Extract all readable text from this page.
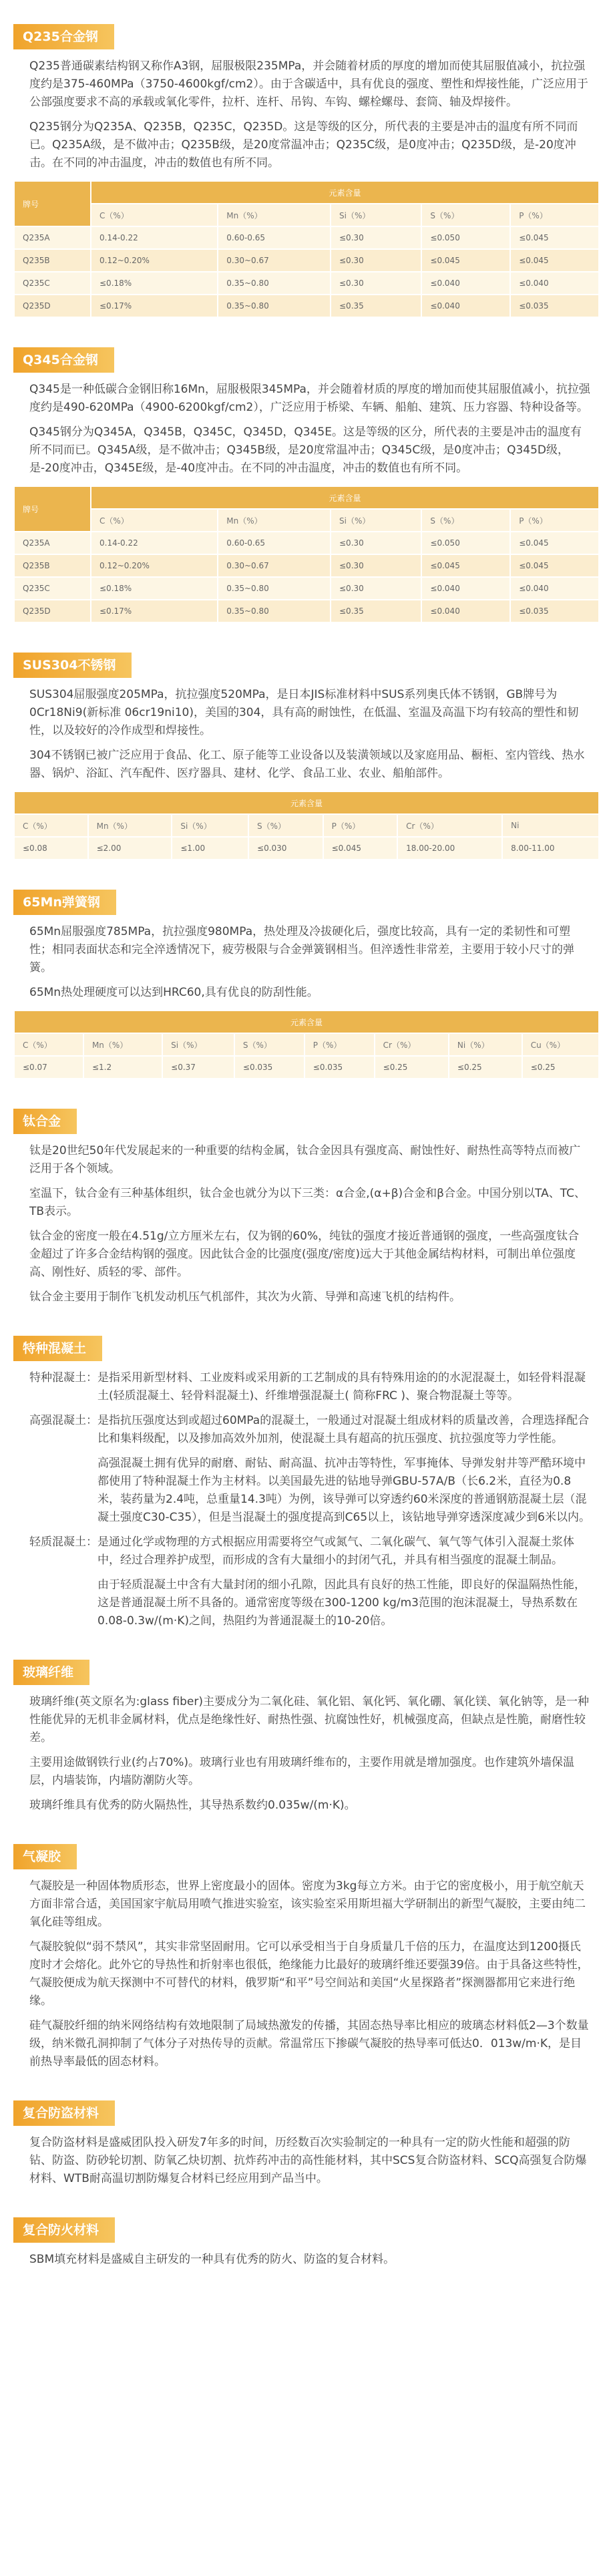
Q235合金钢

Q235普通碳素结构钢又称作A3钢，屈服极限235MPa，并会随着材质的厚度的增加而使其屈服值减小，抗拉强度约是375-460MPa（3750-4600kgf/cm2）。由于含碳适中，具有优良的强度、塑性和焊接性能，广泛应用于公部强度要求不高的承载或氧化零件，拉杆、连杆、吊钩、车钩、螺栓螺母、套筒、轴及焊接件。

Q235钢分为Q235A、Q235B，Q235C，Q235D。这是等级的区分，所代表的主要是冲击的温度有所不同而已。Q235A级，是不做冲击；Q235B级，是20度常温冲击；Q235C级，是0度冲击；Q235D级，是-20度冲击。在不同的冲击温度，冲击的数值也有所不同。

牌号	元素含量				
	C（%）	Mn（%）	Si（%）	S（%）	P（%）
Q235A	0.14-0.22	0.60-0.65	≤0.30	≤0.050	≤0.045
Q235B	0.12~0.20%	0.30~0.67	≤0.30	≤0.045	≤0.045
Q235C	≤0.18%	0.35~0.80	≤0.30	≤0.040	≤0.040
Q235D	≤0.17%	0.35~0.80	≤0.35	≤0.040	≤0.035
Q345合金钢

Q345是一种低碳合金钢旧称16Mn，屈服极限345MPa，并会随着材质的厚度的增加而使其屈服值减小，抗拉强度约是490-620MPa（4900-6200kgf/cm2），广泛应用于桥梁、车辆、船舶、建筑、压力容器、特种设备等。

Q345钢分为Q345A，Q345B，Q345C，Q345D，Q345E。这是等级的区分，所代表的主要是冲击的温度有所不同而已。Q345A级，是不做冲击；Q345B级，是20度常温冲击；Q345C级，是0度冲击；Q345D级，是-20度冲击，Q345E级，是-40度冲击。在不同的冲击温度，冲击的数值也有所不同。

牌号	元素含量				
	C（%）	Mn（%）	Si（%）	S（%）	P（%）
Q235A	0.14-0.22	0.60-0.65	≤0.30	≤0.050	≤0.045
Q235B	0.12~0.20%	0.30~0.67	≤0.30	≤0.045	≤0.045
Q235C	≤0.18%	0.35~0.80	≤0.30	≤0.040	≤0.040
Q235D	≤0.17%	0.35~0.80	≤0.35	≤0.040	≤0.035
SUS304不锈钢

SUS304屈服强度205MPa，抗拉强度520MPa，是日本JIS标准材料中SUS系列奥氏体不锈钢，GB牌号为0Cr18Ni9(新标准 06cr19ni10)，美国的304，具有高的耐蚀性，在低温、室温及高温下均有较高的塑性和韧性，以及较好的冷作成型和焊接性。

304不锈钢已被广泛应用于食品、化工、原子能等工业设备以及装潢领域以及家庭用品、橱柜、室内管线、热水器、锅炉、浴缸、汽车配件、医疗器具、建材、化学、食品工业、农业、船舶部件。

元素含量						
C（%）	Mn（%）	Si（%）	S（%）	P（%）	Cr（%）	Ni
≤0.08	≤2.00	≤1.00	≤0.030	≤0.045	18.00-20.00	8.00-11.00
65Mn弹簧钢

65Mn屈服强度785MPa，抗拉强度980MPa，热处理及冷拔硬化后，强度比较高，具有一定的柔韧性和可塑性；相同表面状态和完全淬透情况下，疲劳极限与合金弹簧钢相当。但淬透性非常差，主要用于较小尺寸的弹簧。

65Mn热处理硬度可以达到HRC60,具有优良的防刮性能。

元素含量							
C（%）	Mn（%）	Si（%）	S（%）	P（%）	Cr（%）	Ni（%）	Cu（%）
≤0.07	≤1.2	≤0.37	≤0.035	≤0.035	≤0.25	≤0.25	≤0.25
钛合金

钛是20世纪50年代发展起来的一种重要的结构金属，钛合金因具有强度高、耐蚀性好、耐热性高等特点而被广泛用于各个领域。

室温下，钛合金有三种基体组织，钛合金也就分为以下三类：α合金,(α+β)合金和β合金。中国分别以TA、TC、TB表示。

钛合金的密度一般在4.51g/立方厘米左右，仅为钢的60%，纯钛的强度才接近普通钢的强度，一些高强度钛合金超过了许多合金结构钢的强度。因此钛合金的比强度(强度/密度)远大于其他金属结构材料，可制出单位强度高、刚性好、质轻的零、部件。

钛合金主要用于制作飞机发动机压气机部件，其次为火箭、导弹和高速飞机的结构件。

特种混凝土
特种混凝土： 是指采用新型材料、工业废料或采用新的工艺制成的具有特殊用途的的水泥混凝土，如轻骨料混凝土(轻质混凝土、轻骨料混凝土)、纤维增强混凝土( 简称FRC )、聚合物混凝土等等。
高强混凝土： 是指抗压强度达到或超过60MPa的混凝土，一般通过对混凝土组成材料的质量改善，合理选择配合比和集料级配，以及掺加高效外加剂，使混凝土具有超高的抗压强度、抗拉强度等力学性能。
高强混凝土拥有优异的耐磨、耐钻、耐高温、抗冲击等特性，军事掩体、导弹发射井等严酷环境中都使用了特种混凝土作为主材料。以美国最先进的钻地导弹GBU-57A/B（长6.2米，直径为0.8米，装药量为2.4吨，总重量14.3吨）为例，该导弹可以穿透约60米深度的普通钢筋混凝土层（混凝土强度C30-C35），但是当混凝土的强度提高到C65以上，该钻地导弹穿透深度减少到6米以内。
轻质混凝土： 是通过化学或物理的方式根据应用需要将空气或氮气、二氧化碳气、氧气等气体引入混凝土浆体中，经过合理养护成型，而形成的含有大量细小的封闭气孔，并具有相当强度的混凝土制品。
由于轻质混凝土中含有大量封闭的细小孔隙，因此具有良好的热工性能，即良好的保温隔热性能，这是普通混凝土所不具备的。通常密度等级在300-1200 kg/m3范围的泡沫混凝土，导热系数在0.08-0.3w/(m·K)之间，热阻约为普通混凝土的10-20倍。
玻璃纤维

玻璃纤维(英文原名为:glass fiber)主要成分为二氧化硅、氧化铝、氧化钙、氧化硼、氧化镁、氧化钠等，是一种性能优异的无机非金属材料，优点是绝缘性好、耐热性强、抗腐蚀性好，机械强度高，但缺点是性脆，耐磨性较差。

主要用途做钢铁行业(约占70%)。玻璃行业也有用玻璃纤维布的，主要作用就是增加强度。也作建筑外墙保温层，内墙装饰，内墙防潮防火等。

玻璃纤维具有优秀的防火隔热性，其导热系数约0.035w/(m·K)。

气凝胶

气凝胶是一种固体物质形态，世界上密度最小的固体。密度为3kg每立方米。由于它的密度极小，用于航空航天方面非常合适，美国国家宇航局用喷气推进实验室，该实验室采用斯坦福大学研制出的新型气凝胶，主要由纯二氧化硅等组成。

气凝胶貌似“弱不禁风”，其实非常坚固耐用。它可以承受相当于自身质量几千倍的压力，在温度达到1200摄氏度时才会熔化。此外它的导热性和折射率也很低，绝缘能力比最好的玻璃纤维还要强39倍。由于具备这些特性，气凝胶便成为航天探测中不可替代的材料，俄罗斯“和平”号空间站和美国“火星探路者”探测器都用它来进行绝缘。

硅气凝胶纤细的纳米网络结构有效地限制了局域热激发的传播，其固态热导率比相应的玻璃态材料低2—3个数量级，纳米微孔洞抑制了气体分子对热传导的贡献。常温常压下掺碳气凝胶的热导率可低达0．013w/m·K，是目前热导率最低的固态材料。

复合防盗材料

复合防盗材料是盛威团队投入研发7年多的时间，历经数百次实验制定的一种具有一定的防火性能和超强的防钻、防盗、防砂轮切割、防氧乙炔切割、抗炸药冲击的高性能材料，其中SCS复合防盗材料、SCQ高强复合防爆材料、WTB耐高温切割防爆复合材料已经应用到产品当中。

复合防火材料

SBM填充材料是盛威自主研发的一种具有优秀的防火、防盗的复合材料。
